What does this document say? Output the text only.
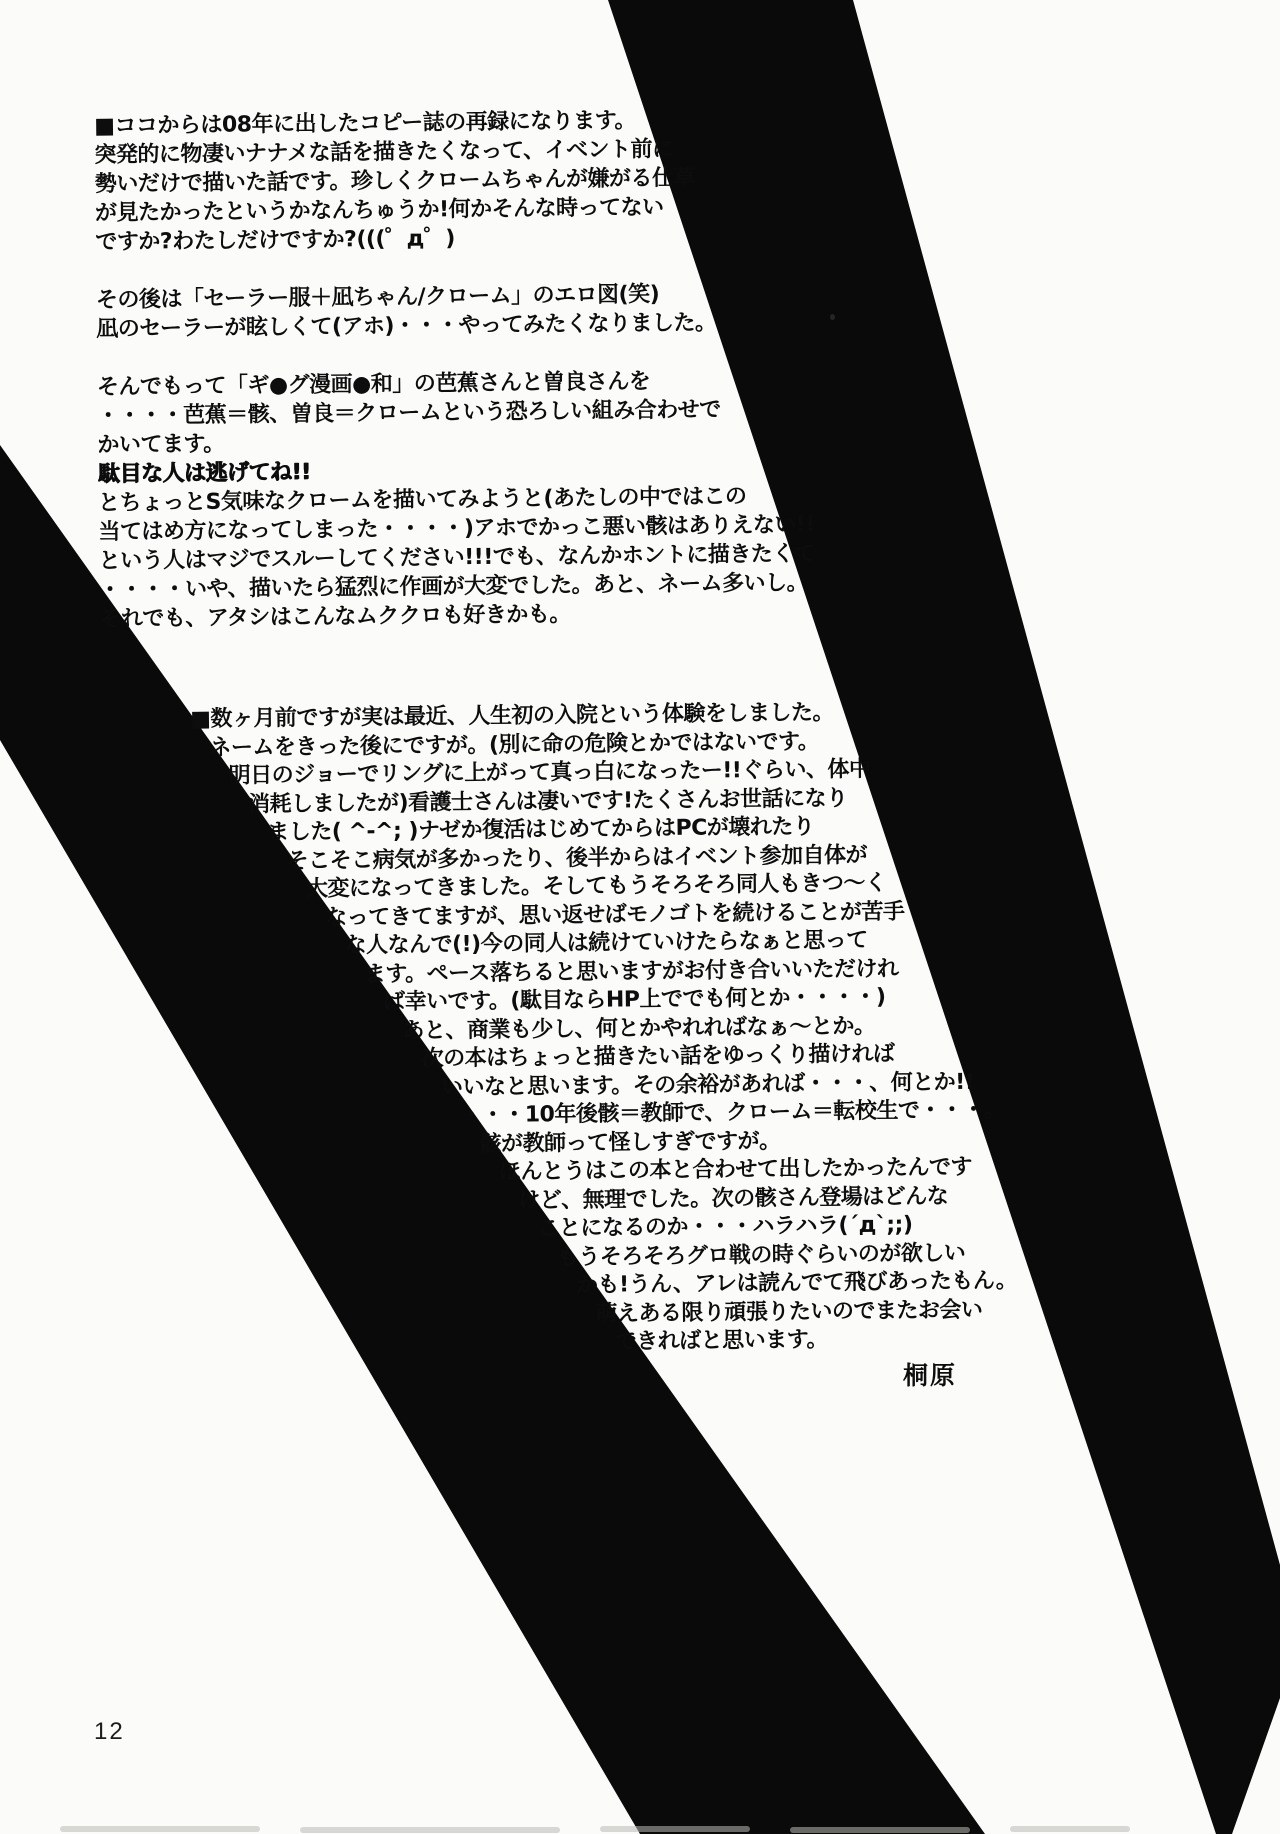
■ココからは08年に出したコピー誌の再録になります。
突発的に物凄いナナメな話を描きたくなって、イベント前に
勢いだけで描いた話です。珍しくクロームちゃんが嫌がる仕草
が見たかったというかなんちゅうか!何かそんな時ってない
ですか?わたしだけですか?(((゜д゜)
その後は「セーラー服＋凪ちゃん/クローム」のエロ図(笑)
凪のセーラーが眩しくて(アホ)・・・やってみたくなりました。
そんでもって「ギ●グ漫画●和」の芭蕉さんと曽良さんを
・・・・芭蕉＝骸、曽良＝クロームという恐ろしい組み合わせで
かいてます。
駄目な人は逃げてね!!
とちょっとS気味なクロームを描いてみようと(あたしの中ではこの
当てはめ方になってしまった・・・・)アホでかっこ悪い骸はありえない!!
という人はマジでスルーしてください!!!でも、なんかホントに描きたくて
・・・・いや、描いたら猛烈に作画が大変でした。あと、ネーム多いし。
それでも、アタシはこんなムククロも好きかも。
■数ヶ月前ですが実は最近、人生初の入院という体験をしました。
ネームをきった後にですが。(別に命の危険とかではないです。
明日のジョーでリングに上がって真っ白になったー!!ぐらい、体中
消耗しましたが)看護士さんは凄いです!たくさんお世話になり
ました( ^-^; )ナゼか復活はじめてからはPCが壊れたり
そこそこ病気が多かったり、後半からはイベント参加自体が
大変になってきました。そしてもうそろそろ同人もきつ〜く
なってきてますが、思い返せばモノゴトを続けることが苦手
な人なんで(!)今の同人は続けていけたらなぁと思って
ます。ペース落ちると思いますがお付き合いいただけれ
ば幸いです。(駄目ならHP上ででも何とか・・・・)
あと、商業も少し、何とかやれればなぁ〜とか。
次の本はちょっと描きたい話をゆっくり描ければ
いいなと思います。その余裕があれば・・・、何とか!!
・・・10年後骸＝教師で、クローム＝転校生で・・・。
骸が教師って怪しすぎですが。
ほんとうはこの本と合わせて出したかったんです
けど、無理でした。次の骸さん登場はどんな
ことになるのか・・・ハラハラ(´д`;;)
もうそろそろグロ戦の時ぐらいのが欲しい
かも!うん、アレは読んでて飛びあったもん。
萌えある限り頑張りたいのでまたお会い
できればと思います。
桐原
12
